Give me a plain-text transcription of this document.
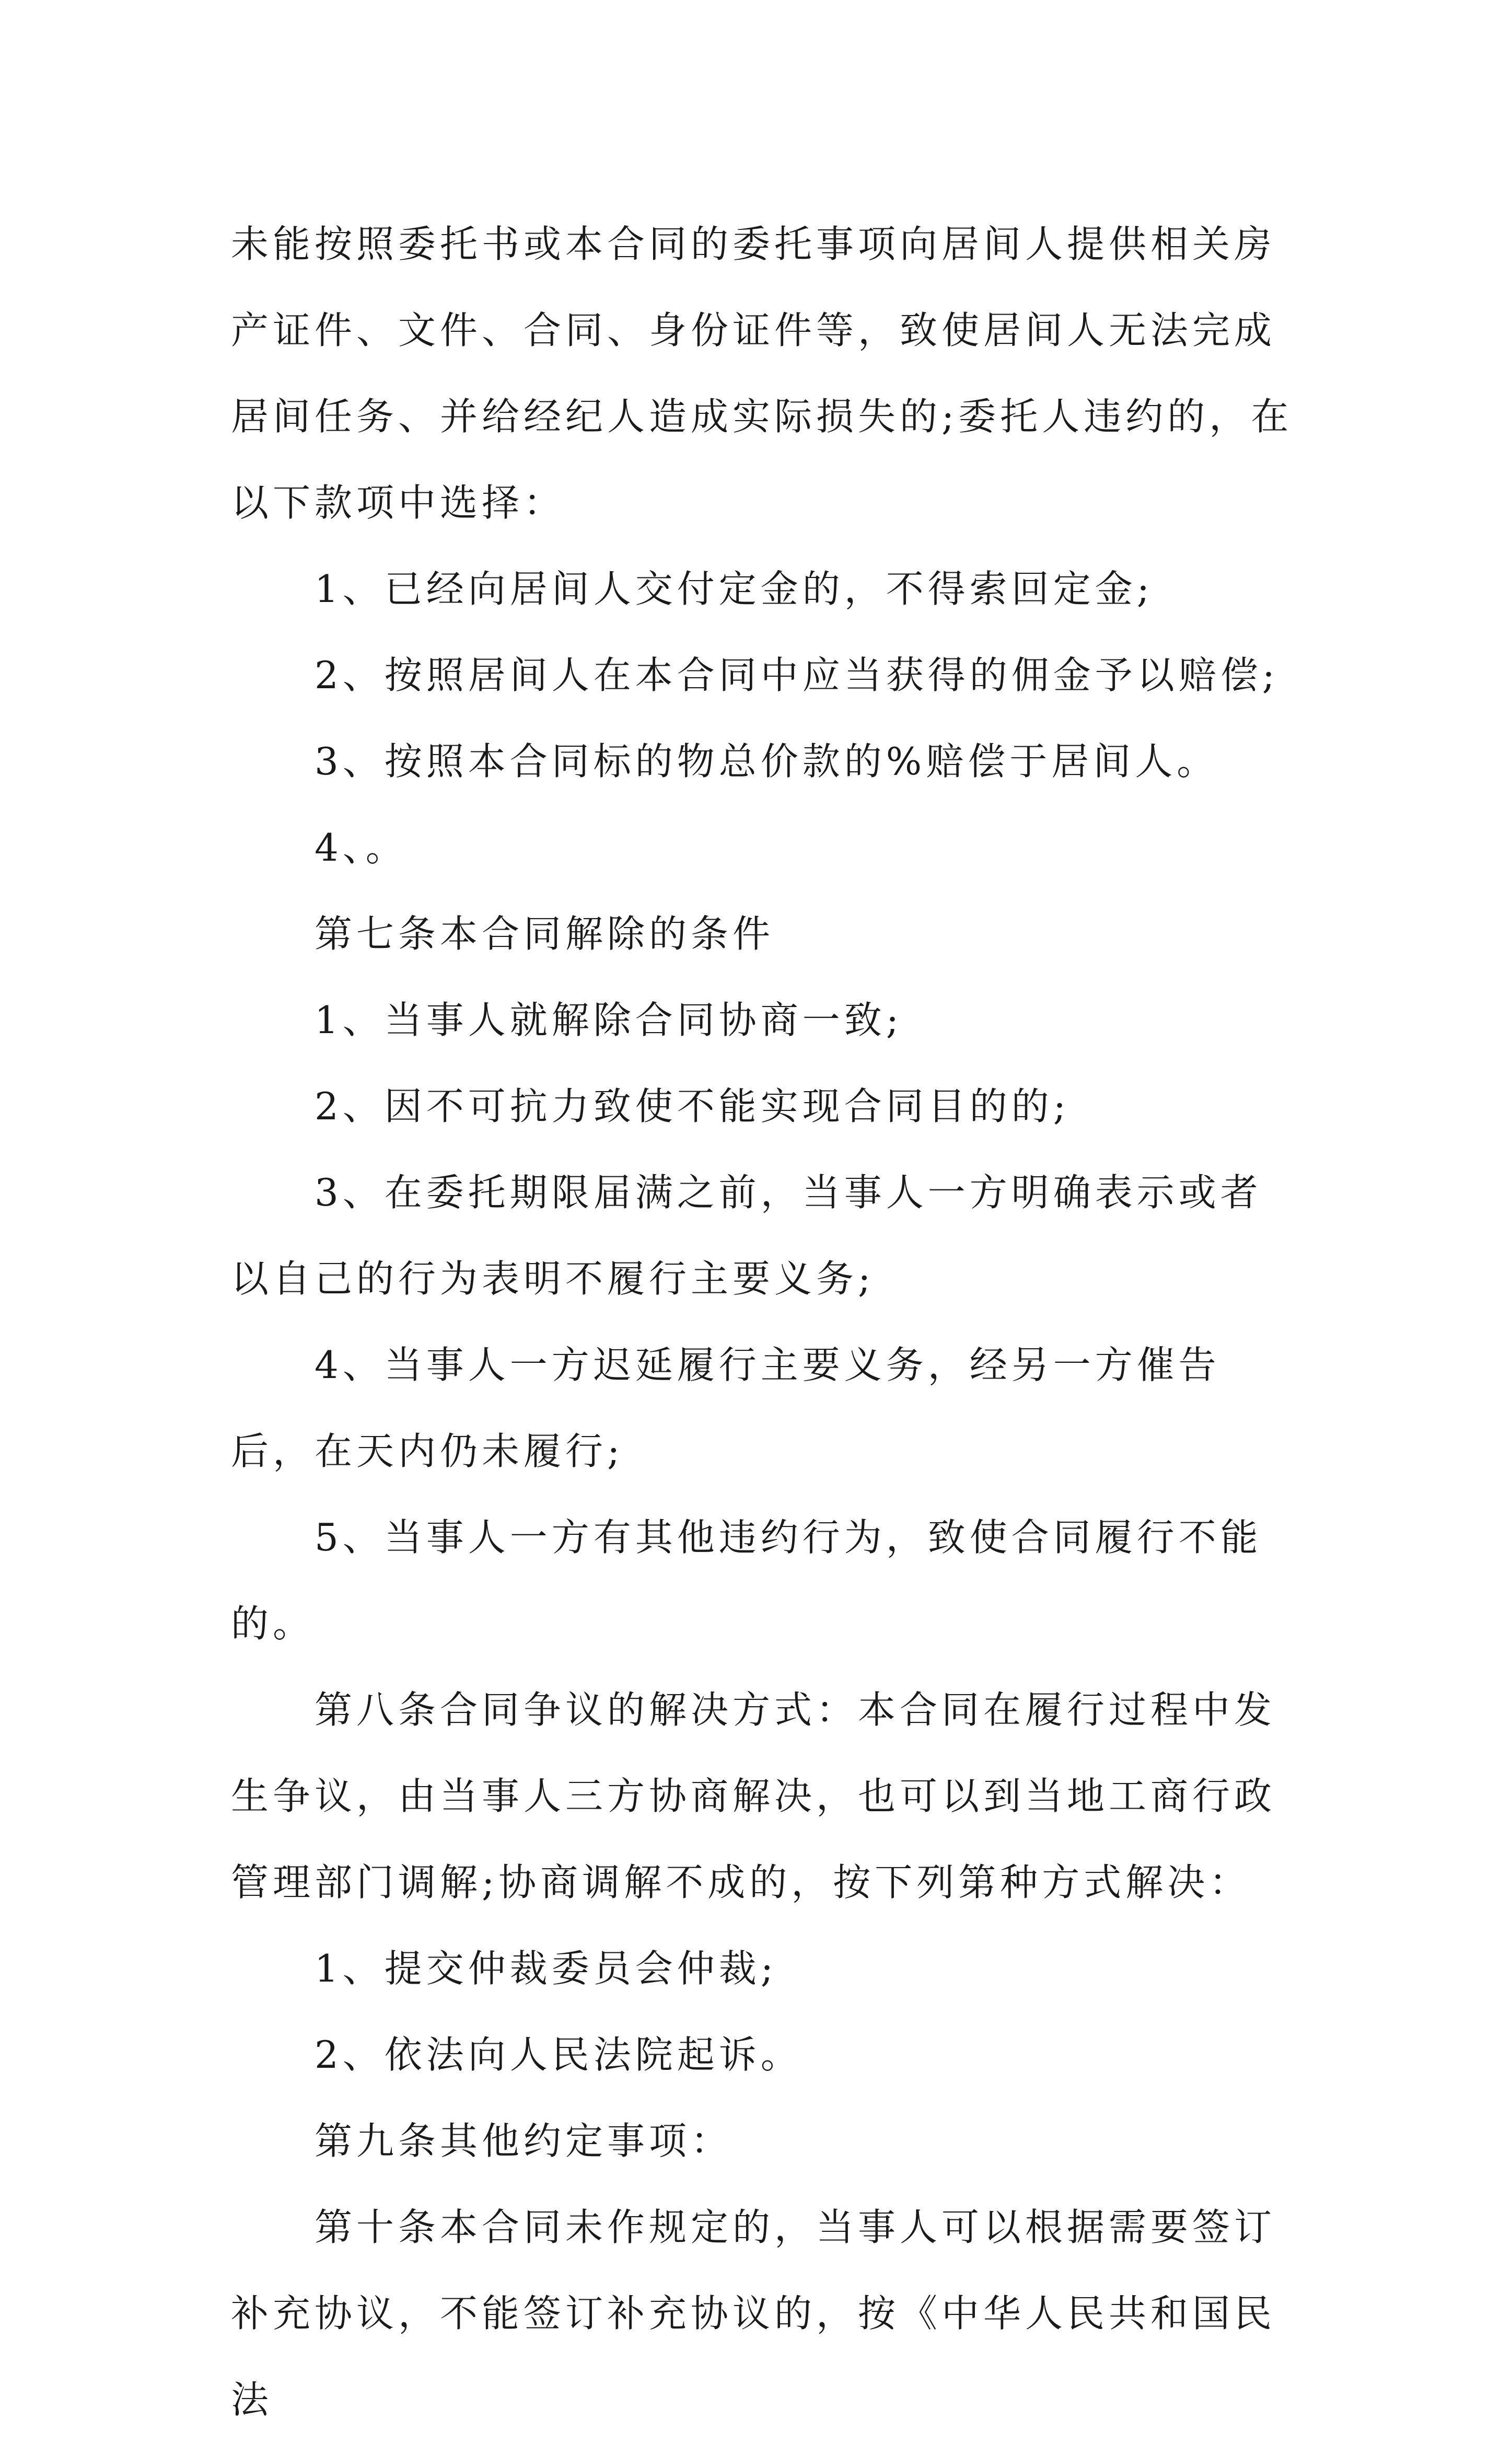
未能按照委托书或本合同的委托事项向居间人提供相关房产证件、文件、合同、身份证件等，致使居间人无法完成居间任务、并给经纪人造成实际损失的;委托人违约的，在以下款项中选择：

1、已经向居间人交付定金的，不得索回定金;

2、按照居间人在本合同中应当获得的佣金予以赔偿;

3、按照本合同标的物总价款的%赔偿于居间人。

4、。

第七条本合同解除的条件

1、当事人就解除合同协商一致;

2、因不可抗力致使不能实现合同目的的;

3、在委托期限届满之前，当事人一方明确表示或者以自己的行为表明不履行主要义务;

4、当事人一方迟延履行主要义务，经另一方催告后，在天内仍未履行;

5、当事人一方有其他违约行为，致使合同履行不能的。

第八条合同争议的解决方式：本合同在履行过程中发生争议，由当事人三方协商解决，也可以到当地工商行政管理部门调解;协商调解不成的，按下列第种方式解决：

1、提交仲裁委员会仲裁;

2、依法向人民法院起诉。

第九条其他约定事项：

第十条本合同未作规定的，当事人可以根据需要签订补充协议，不能签订补充协议的，按《中华人民共和国民法
